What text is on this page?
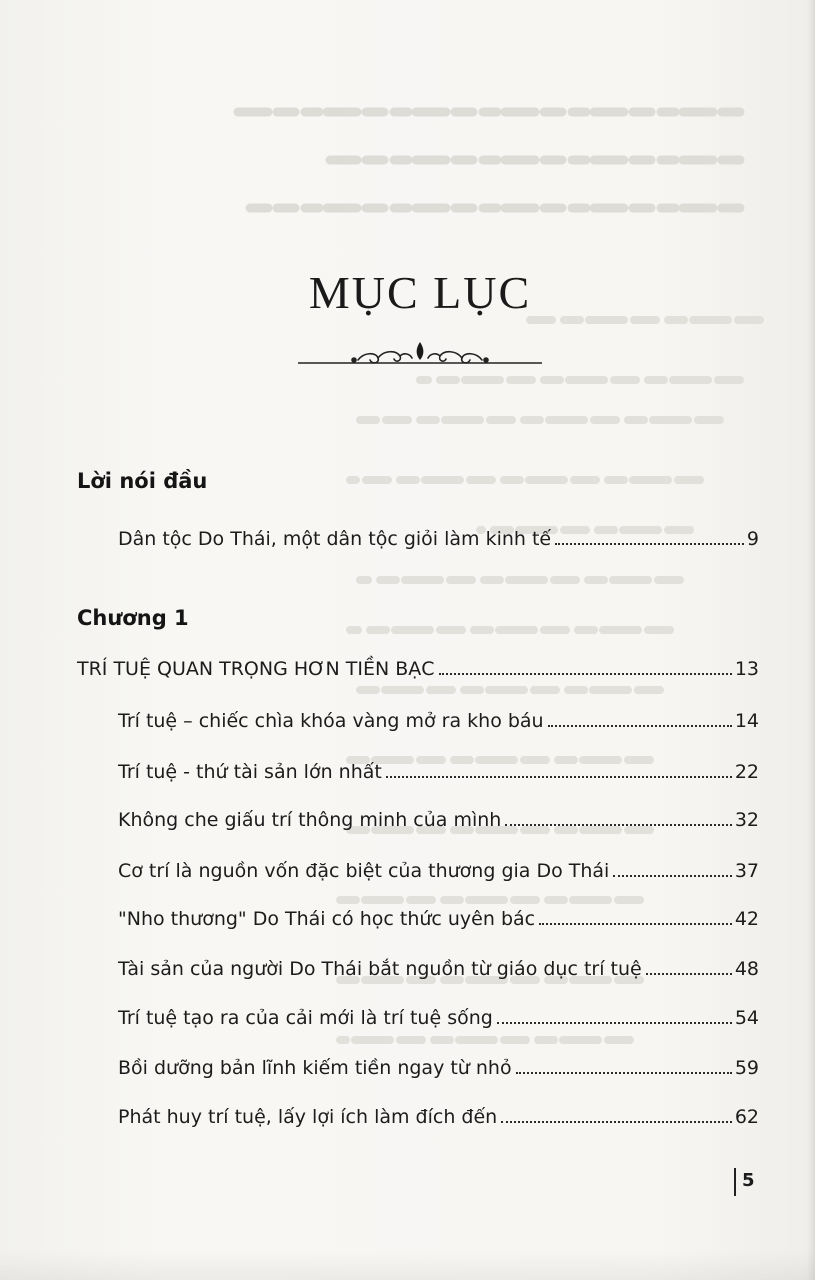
MỤC LỤC
Lời nói đầu
Dân tộc Do Thái, một dân tộc giỏi làm kinh tế	9
Chương 1
TRÍ TUỆ QUAN TRỌNG HƠN TIỀN BẠC	13
Trí tuệ – chiếc chìa khóa vàng mở ra kho báu	14
Trí tuệ - thứ tài sản lớn nhất	22
Không che giấu trí thông minh của mình	32
Cơ trí là nguồn vốn đặc biệt của thương gia Do Thái	37
"Nho thương" Do Thái có học thức uyên bác	42
Tài sản của người Do Thái bắt nguồn từ giáo dục trí tuệ	48
Trí tuệ tạo ra của cải mới là trí tuệ sống	54
Bồi dưỡng bản lĩnh kiếm tiền ngay từ nhỏ	59
Phát huy trí tuệ, lấy lợi ích làm đích đến	62
5
